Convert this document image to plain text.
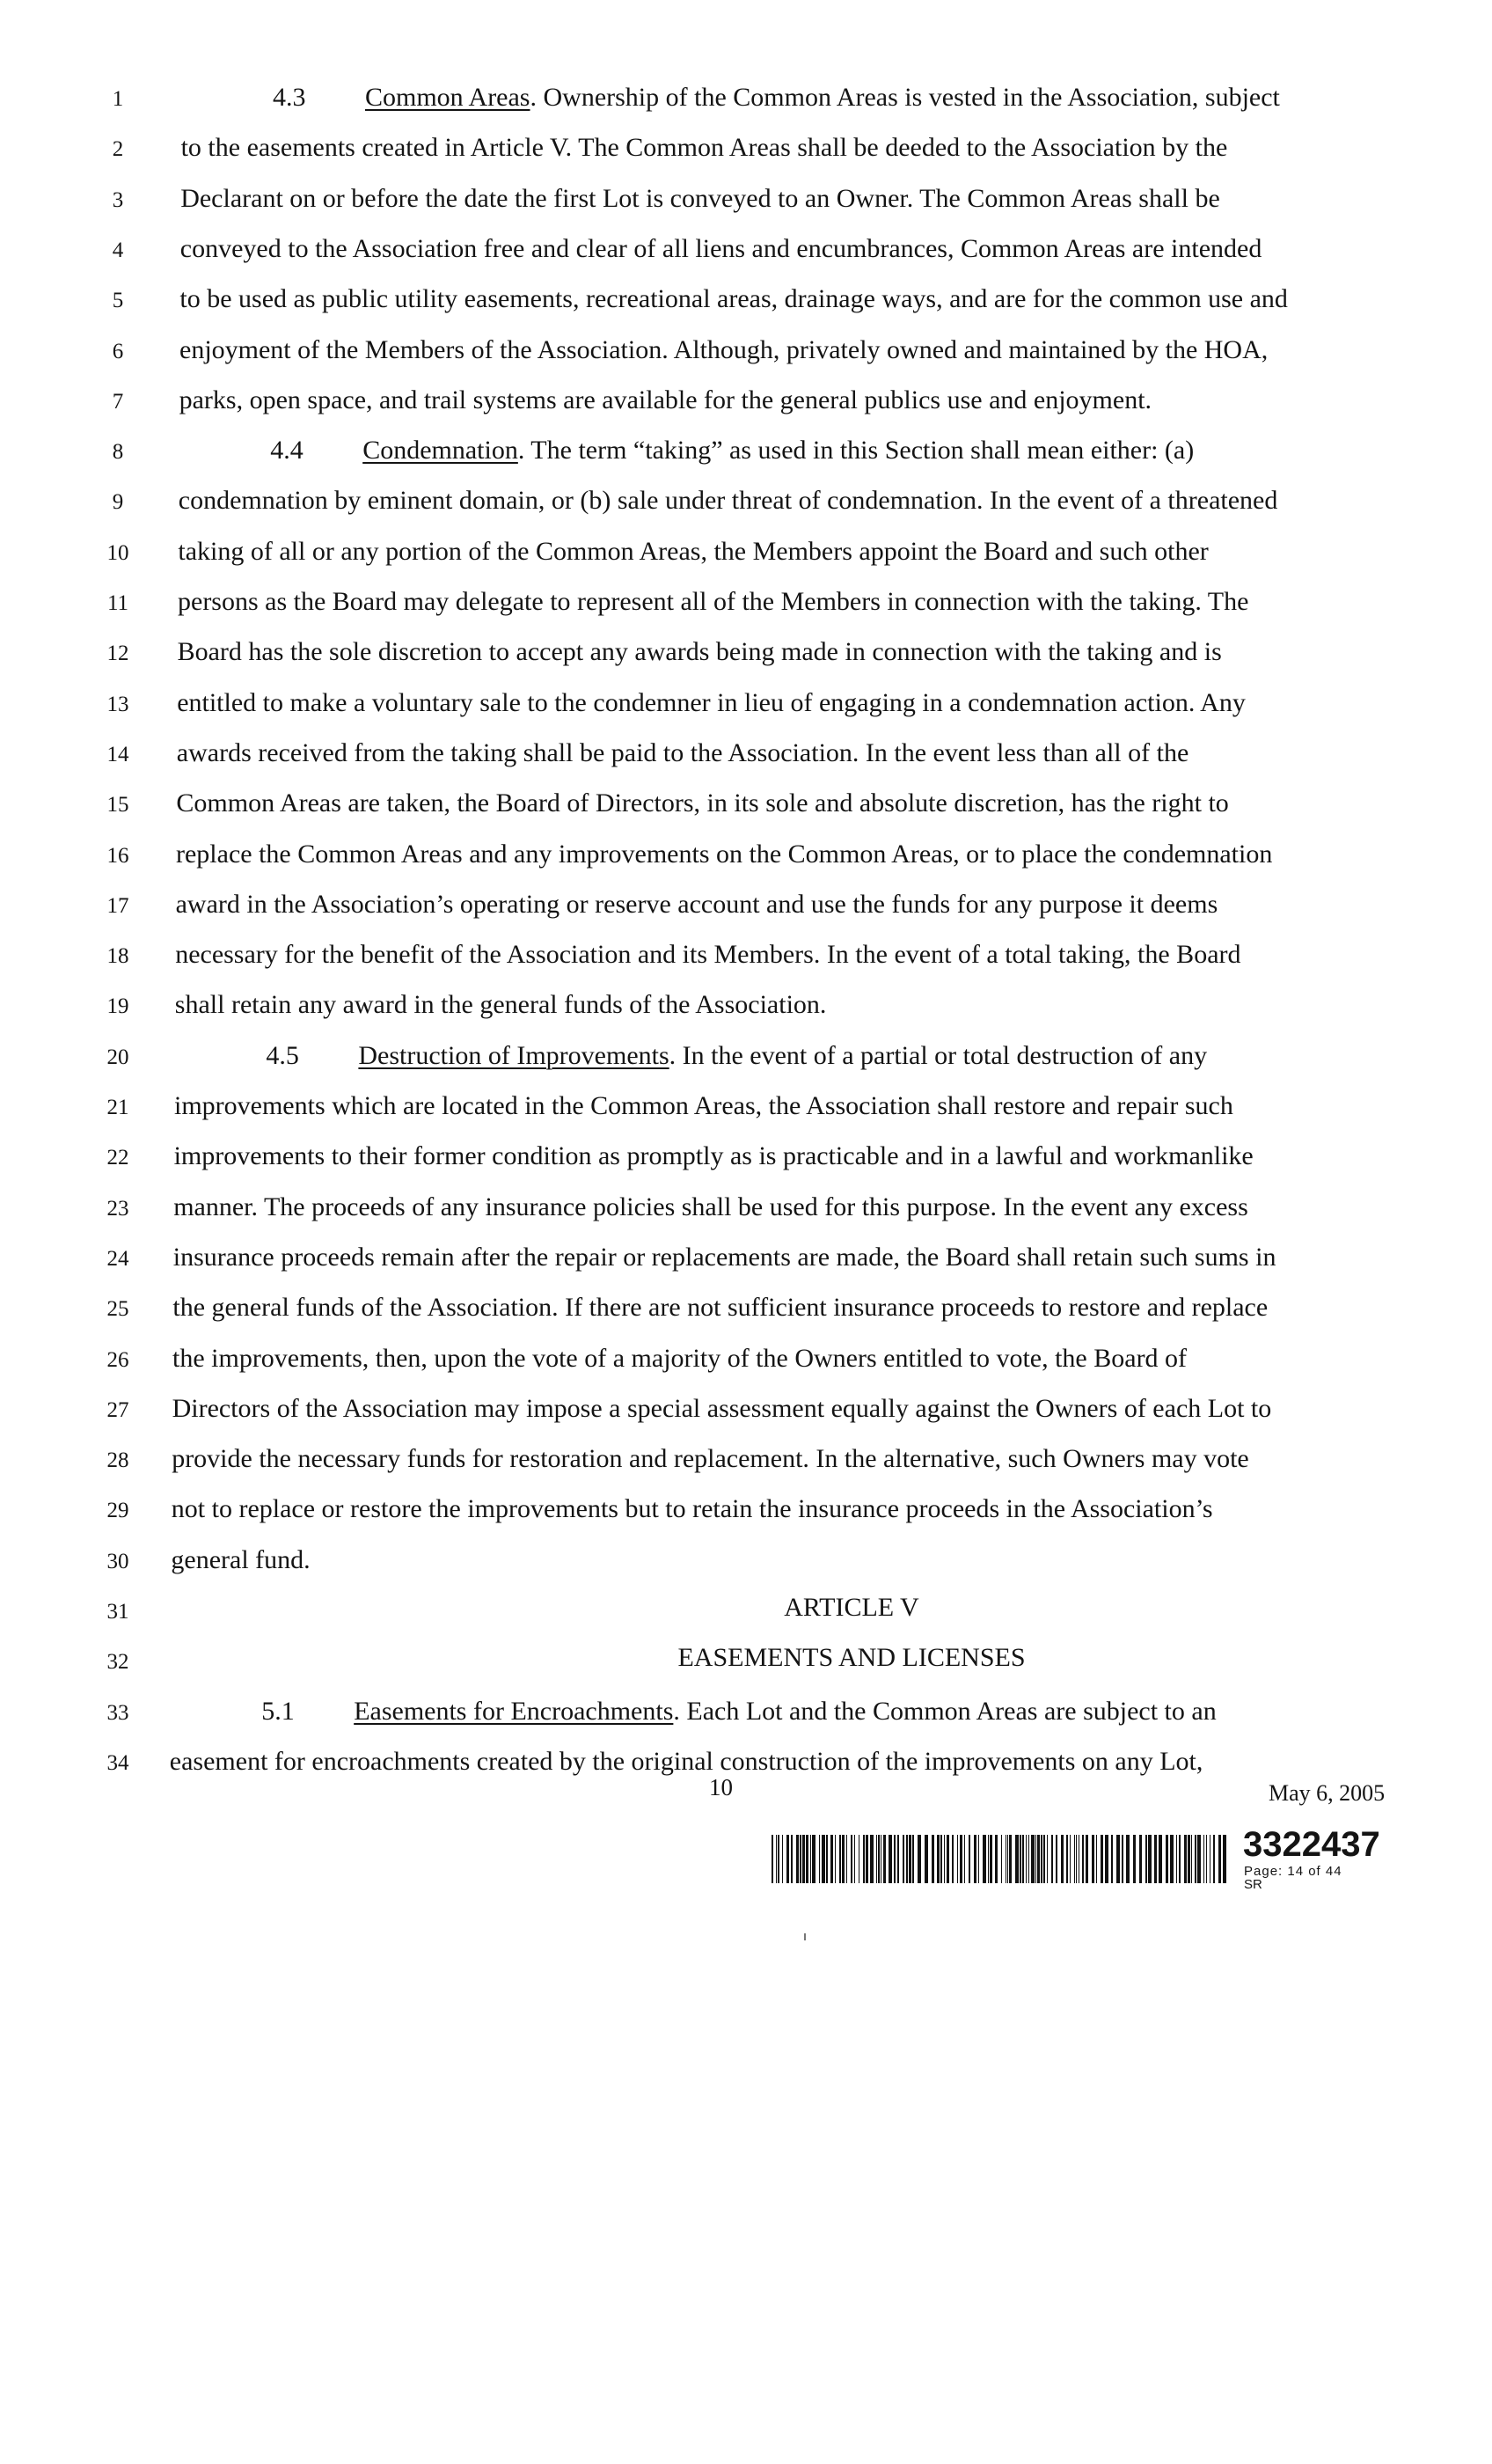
1	4.3 Common Areas. Ownership of the Common Areas is vested in the Association, subject
2	to the easements created in Article V. The Common Areas shall be deeded to the Association by the
3	Declarant on or before the date the first Lot is conveyed to an Owner. The Common Areas shall be
4	conveyed to the Association free and clear of all liens and encumbrances, Common Areas are intended
5	to be used as public utility easements, recreational areas, drainage ways, and are for the common use and
6	enjoyment of the Members of the Association. Although, privately owned and maintained by the HOA,
7	parks, open space, and trail systems are available for the general publics use and enjoyment.
8	4.4 Condemnation. The term “taking” as used in this Section shall mean either: (a)
9	condemnation by eminent domain, or (b) sale under threat of condemnation. In the event of a threatened
10	taking of all or any portion of the Common Areas, the Members appoint the Board and such other
11	persons as the Board may delegate to represent all of the Members in connection with the taking. The
12	Board has the sole discretion to accept any awards being made in connection with the taking and is
13	entitled to make a voluntary sale to the condemner in lieu of engaging in a condemnation action. Any
14	awards received from the taking shall be paid to the Association. In the event less than all of the
15	Common Areas are taken, the Board of Directors, in its sole and absolute discretion, has the right to
16	replace the Common Areas and any improvements on the Common Areas, or to place the condemnation
17	award in the Association’s operating or reserve account and use the funds for any purpose it deems
18	necessary for the benefit of the Association and its Members. In the event of a total taking, the Board
19	shall retain any award in the general funds of the Association.
20	4.5 Destruction of Improvements. In the event of a partial or total destruction of any
21	improvements which are located in the Common Areas, the Association shall restore and repair such
22	improvements to their former condition as promptly as is practicable and in a lawful and workmanlike
23	manner. The proceeds of any insurance policies shall be used for this purpose. In the event any excess
24	insurance proceeds remain after the repair or replacements are made, the Board shall retain such sums in
25	the general funds of the Association. If there are not sufficient insurance proceeds to restore and replace
26	the improvements, then, upon the vote of a majority of the Owners entitled to vote, the Board of
27	Directors of the Association may impose a special assessment equally against the Owners of each Lot to
28	provide the necessary funds for restoration and replacement. In the alternative, such Owners may vote
29	not to replace or restore the improvements but to retain the insurance proceeds in the Association’s
30	general fund.
31	ARTICLE V
32	EASEMENTS AND LICENSES
33	5.1 Easements for Encroachments. Each Lot and the Common Areas are subject to an
34	easement for encroachments created by the original construction of the improvements on any Lot,
10	May 6, 2005
3322437
Page: 14 of 44
SR
